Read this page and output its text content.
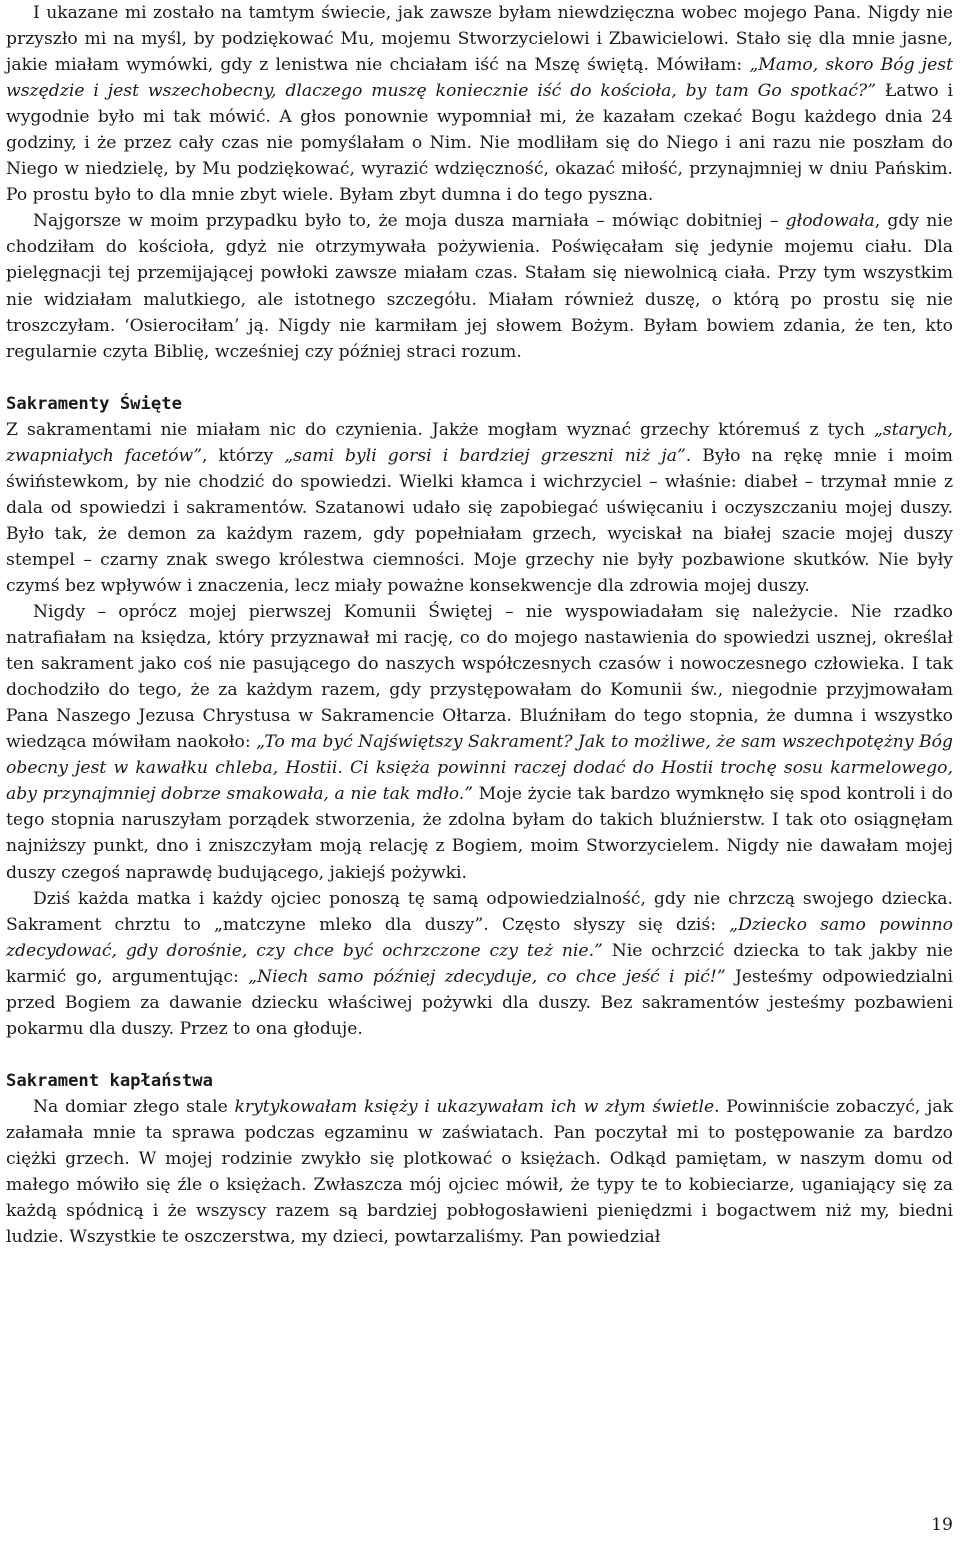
I ukazane mi zostało na tamtym świecie, jak zawsze byłam niewdzięczna wobec mojego Pana. Nigdy nie przyszło mi na myśl, by podziękować Mu, mojemu Stworzycielowi i Zbawicielowi. Stało się dla mnie jasne, jakie miałam wymówki, gdy z lenistwa nie chciałam iść na Mszę świętą. Mówiłam: „Mamo, skoro Bóg jest wszędzie i jest wszechobecny, dlaczego muszę koniecznie iść do kościoła, by tam Go spotkać?” Łatwo i wygodnie było mi tak mówić. A głos ponownie wypomniał mi, że kazałam czekać Bogu każdego dnia 24 godziny, i że przez cały czas nie pomyślałam o Nim. Nie modliłam się do Niego i ani razu nie poszłam do Niego w niedzielę, by Mu podziękować, wyrazić wdzięczność, okazać miłość, przynajmniej w dniu Pańskim. Po prostu było to dla mnie zbyt wiele. Byłam zbyt dumna i do tego pyszna.

Najgorsze w moim przypadku było to, że moja dusza marniała – mówiąc dobitniej – głodowała, gdy nie chodziłam do kościoła, gdyż nie otrzymywała pożywienia. Poświęcałam się jedynie mojemu ciału. Dla pielęgnacji tej przemijającej powłoki zawsze miałam czas. Stałam się niewolnicą ciała. Przy tym wszystkim nie widziałam malutkiego, ale istotnego szczegółu. Miałam również duszę, o którą po prostu się nie troszczyłam. ‘Osierociłam’ ją. Nigdy nie karmiłam jej słowem Bożym. Byłam bowiem zdania, że ten, kto regularnie czyta Biblię, wcześniej czy później straci rozum.

Sakramenty Święte

Z sakramentami nie miałam nic do czynienia. Jakże mogłam wyznać grzechy któremuś z tych „starych, zwapniałych facetów”, którzy „sami byli gorsi i bardziej grzeszni niż ja”. Było na rękę mnie i moim świństewkom, by nie chodzić do spowiedzi. Wielki kłamca i wichrzyciel – właśnie: diabeł – trzymał mnie z dala od spowiedzi i sakramentów. Szatanowi udało się zapobiegać uświęcaniu i oczyszczaniu mojej duszy. Było tak, że demon za każdym razem, gdy popełniałam grzech, wyciskał na białej szacie mojej duszy stempel – czarny znak swego królestwa ciemności. Moje grzechy nie były pozbawione skutków. Nie były czymś bez wpływów i znaczenia, lecz miały poważne konsekwencje dla zdrowia mojej duszy.

Nigdy – oprócz mojej pierwszej Komunii Świętej – nie wyspowiadałam się należycie. Nie rzadko natrafiałam na księdza, który przyznawał mi rację, co do mojego nastawienia do spowiedzi usznej, określał ten sakrament jako coś nie pasującego do naszych współczesnych czasów i nowoczesnego człowieka. I tak dochodziło do tego, że za każdym razem, gdy przystępowałam do Komunii św., niegodnie przyjmowałam Pana Naszego Jezusa Chrystusa w Sakramencie Ołtarza. Bluźniłam do tego stopnia, że dumna i wszystko wiedząca mówiłam naokoło: „To ma być Najświętszy Sakrament? Jak to możliwe, że sam wszechpotężny Bóg obecny jest w kawałku chleba, Hostii. Ci księża powinni raczej dodać do Hostii trochę sosu karmelowego, aby przynajmniej dobrze smakowała, a nie tak mdło.” Moje życie tak bardzo wymknęło się spod kontroli i do tego stopnia naruszyłam porządek stworzenia, że zdolna byłam do takich bluźnierstw. I tak oto osiągnęłam najniższy punkt, dno i zniszczyłam moją relację z Bogiem, moim Stworzycielem. Nigdy nie dawałam mojej duszy czegoś naprawdę budującego, jakiejś pożywki.

Dziś każda matka i każdy ojciec ponoszą tę samą odpowiedzialność, gdy nie chrzczą swojego dziecka. Sakrament chrztu to „matczyne mleko dla duszy”. Często słyszy się dziś: „Dziecko samo powinno zdecydować, gdy dorośnie, czy chce być ochrzczone czy też nie.” Nie ochrzcić dziecka to tak jakby nie karmić go, argumentując: „Niech samo później zdecyduje, co chce jeść i pić!” Jesteśmy odpowiedzialni przed Bogiem za dawanie dziecku właściwej pożywki dla duszy. Bez sakramentów jesteśmy pozbawieni pokarmu dla duszy. Przez to ona głoduje.

Sakrament kapłaństwa

Na domiar złego stale krytykowałam księży i ukazywałam ich w złym świetle. Powinniście zobaczyć, jak załamała mnie ta sprawa podczas egzaminu w zaświatach. Pan poczytał mi to postępowanie za bardzo ciężki grzech. W mojej rodzinie zwykło się plotkować o księżach. Odkąd pamiętam, w naszym domu od małego mówiło się źle o księżach. Zwłaszcza mój ojciec mówił, że typy te to kobieciarze, uganiający się za każdą spódnicą i że wszyscy razem są bardziej pobłogosławieni pieniędzmi i bogactwem niż my, biedni ludzie. Wszystkie te oszczerstwa, my dzieci, powtarzaliśmy. Pan powiedział

19
